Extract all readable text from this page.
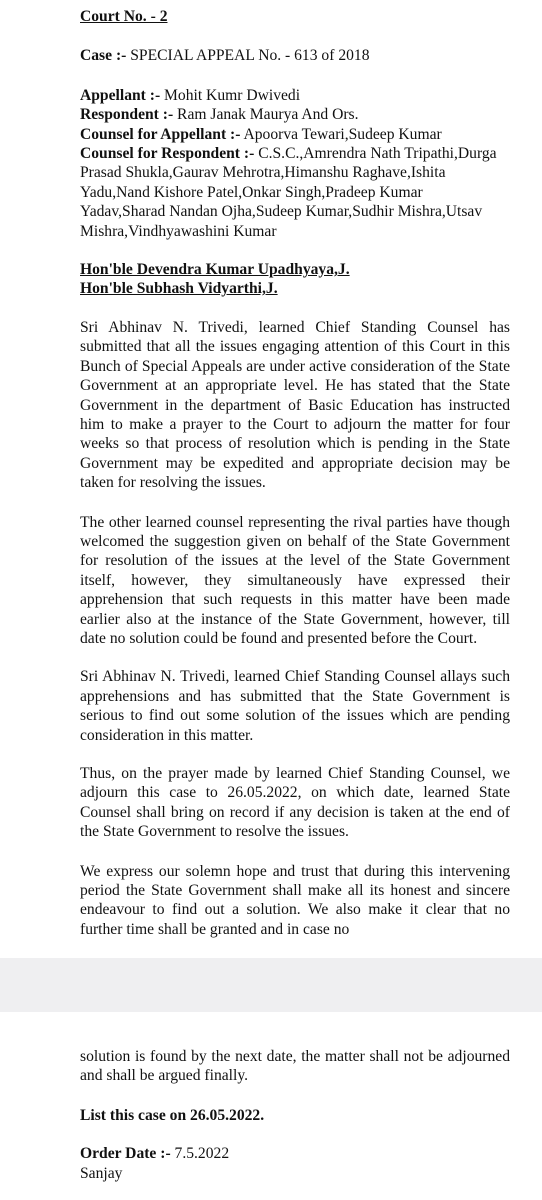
Court No. - 2

Case :- SPECIAL APPEAL No. - 613 of 2018

Appellant :- Mohit Kumr Dwivedi

Respondent :- Ram Janak Maurya And Ors.

Counsel for Appellant :- Apoorva Tewari,Sudeep Kumar

Counsel for Respondent :- C.S.C.,Amrendra Nath Tripathi,Durga Prasad Shukla,Gaurav Mehrotra,Himanshu Raghave,Ishita Yadu,Nand Kishore Patel,Onkar Singh,Pradeep Kumar Yadav,Sharad Nandan Ojha,Sudeep Kumar,Sudhir Mishra,Utsav Mishra,Vindhyawashini Kumar

Hon'ble Devendra Kumar Upadhyaya,J.

Hon'ble Subhash Vidyarthi,J.

Sri Abhinav N. Trivedi, learned Chief Standing Counsel has submitted that all the issues engaging attention of this Court in this Bunch of Special Appeals are under active consideration of the State Government at an appropriate level. He has stated that the State Government in the department of Basic Education has instructed him to make a prayer to the Court to adjourn the matter for four weeks so that process of resolution which is pending in the State Government may be expedited and appropriate decision may be taken for resolving the issues.

The other learned counsel representing the rival parties have though welcomed the suggestion given on behalf of the State Government for resolution of the issues at the level of the State Government itself, however, they simultaneously have expressed their apprehension that such requests in this matter have been made earlier also at the instance of the State Government, however, till date no solution could be found and presented before the Court.

Sri Abhinav N. Trivedi, learned Chief Standing Counsel allays such apprehensions and has submitted that the State Government is serious to find out some solution of the issues which are pending consideration in this matter.

Thus, on the prayer made by learned Chief Standing Counsel, we adjourn this case to 26.05.2022, on which date, learned State Counsel shall bring on record if any decision is taken at the end of the State Government to resolve the issues.

We express our solemn hope and trust that during this intervening period the State Government shall make all its honest and sincere endeavour to find out a solution. We also make it clear that no further time shall be granted and in case no

solution is found by the next date, the matter shall not be adjourned and shall be argued finally.

List this case on 26.05.2022.

Order Date :- 7.5.2022

Sanjay
